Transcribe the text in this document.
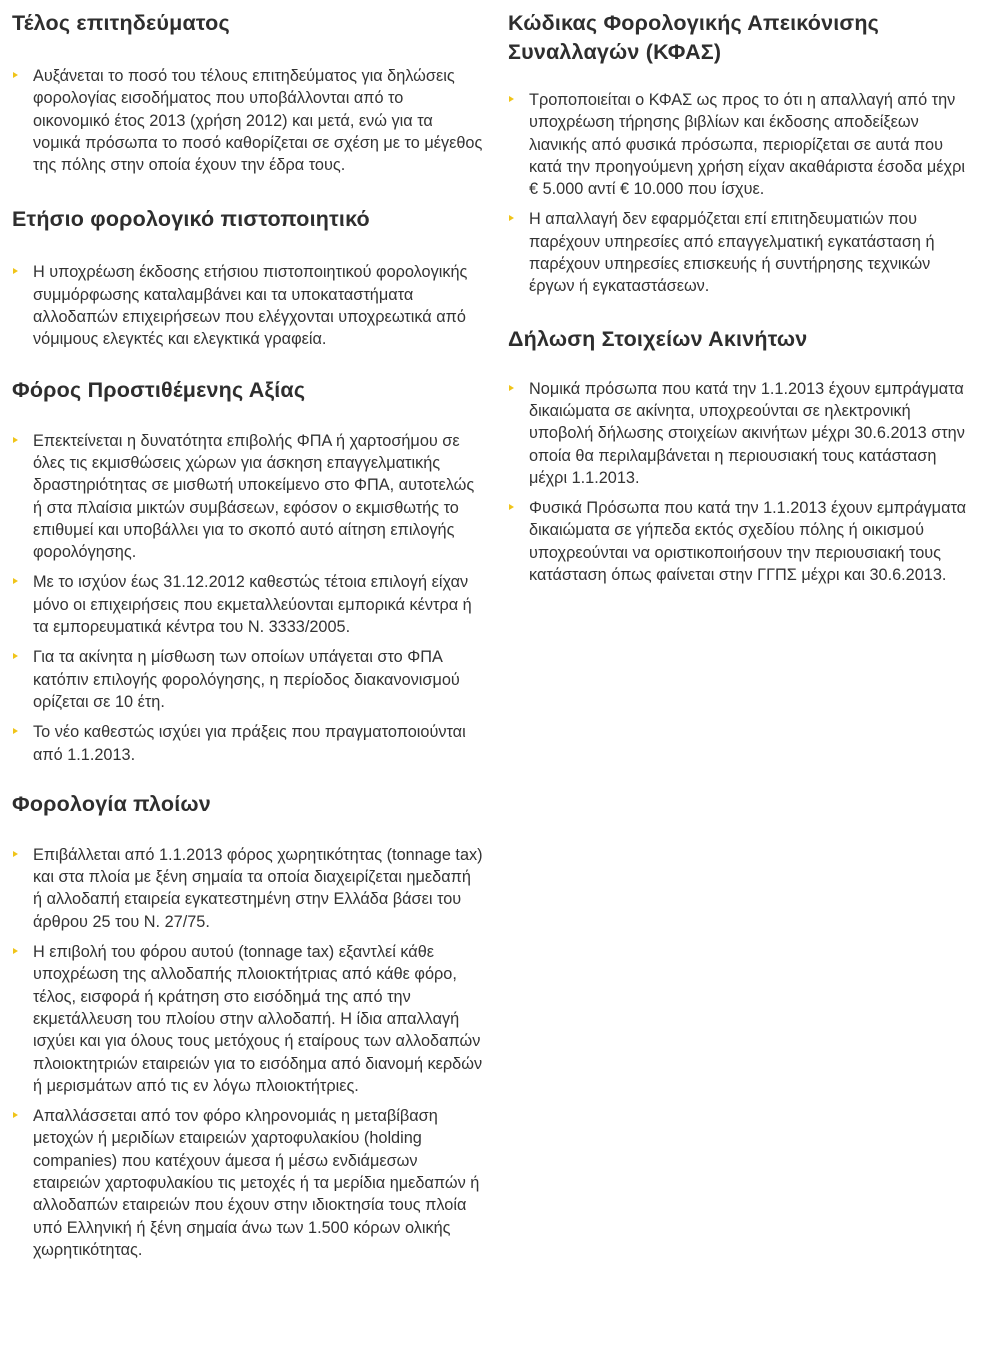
Τέλος επιτηδεύματος
Αυξάνεται το ποσό του τέλους επιτηδεύματος για δηλώσεις φορολογίας εισοδήματος που υποβάλλονται από το οικονομικό έτος 2013 (χρήση 2012) και μετά, ενώ για τα νομικά πρόσωπα το ποσό καθορίζεται σε σχέση με το μέγεθος της πόλης στην οποία έχουν την έδρα τους.
Ετήσιο φορολογικό πιστοποιητικό
Η υποχρέωση έκδοσης ετήσιου πιστοποιητικού φορολογικής συμμόρφωσης καταλαμβάνει και τα υποκαταστήματα αλλοδαπών επιχειρήσεων που ελέγχονται υποχρεωτικά από νόμιμους ελεγκτές και ελεγκτικά γραφεία.
Φόρος Προστιθέμενης Αξίας
Επεκτείνεται η δυνατότητα επιβολής ΦΠΑ ή χαρτοσήμου σε όλες τις εκμισθώσεις χώρων για άσκηση επαγγελματικής δραστηριότητας σε μισθωτή υποκείμενο στο ΦΠΑ, αυτοτελώς ή στα πλαίσια μικτών συμβάσεων, εφόσον ο εκμισθωτής το επιθυμεί και υποβάλλει για το σκοπό αυτό αίτηση επιλογής φορολόγησης.
Με το ισχύον έως 31.12.2012 καθεστώς τέτοια επιλογή είχαν μόνο οι επιχειρήσεις που εκμεταλλεύονται εμπορικά κέντρα ή τα εμπορευματικά κέντρα του Ν. 3333/2005.
Για τα ακίνητα η μίσθωση των οποίων υπάγεται στο ΦΠΑ κατόπιν επιλογής φορολόγησης, η περίοδος διακανονισμού ορίζεται σε 10 έτη.
Το νέο καθεστώς ισχύει για πράξεις που πραγματοποιούνται από 1.1.2013.
Φορολογία πλοίων
Επιβάλλεται από 1.1.2013 φόρος χωρητικότητας (tonnage tax) και στα πλοία με ξένη σημαία τα οποία διαχειρίζεται ημεδαπή ή αλλοδαπή εταιρεία εγκατεστημένη στην Ελλάδα βάσει του άρθρου 25 του Ν. 27/75.
Η επιβολή του φόρου αυτού (tonnage tax) εξαντλεί κάθε υποχρέωση της αλλοδαπής πλοιοκτήτριας από κάθε φόρο, τέλος, εισφορά ή κράτηση στο εισόδημά της από την εκμετάλλευση του πλοίου στην αλλοδαπή. Η ίδια απαλλαγή ισχύει και για όλους τους μετόχους ή εταίρους των αλλοδαπών πλοιοκτητριών εταιρειών για το εισόδημα από διανομή κερδών ή μερισμάτων από τις εν λόγω πλοιοκτήτριες.
Απαλλάσσεται από τον φόρο κληρονομιάς η μεταβίβαση μετοχών ή μεριδίων εταιρειών χαρτοφυλακίου (holding companies) που κατέχουν άμεσα ή μέσω ενδιάμεσων εταιρειών χαρτοφυλακίου τις μετοχές ή τα μερίδια ημεδαπών ή αλλοδαπών εταιρειών που έχουν στην ιδιοκτησία τους πλοία υπό Ελληνική ή ξένη σημαία άνω των 1.500 κόρων ολικής χωρητικότητας.
Κώδικας Φορολογικής Απεικόνισης Συναλλαγών (ΚΦΑΣ)
Τροποποιείται ο ΚΦΑΣ ως προς το ότι η απαλλαγή από την υποχρέωση τήρησης βιβλίων και έκδοσης αποδείξεων λιανικής από φυσικά πρόσωπα, περιορίζεται σε αυτά που κατά την προηγούμενη χρήση είχαν ακαθάριστα έσοδα μέχρι € 5.000 αντί € 10.000 που ίσχυε.
Η απαλλαγή δεν εφαρμόζεται επί επιτηδευματιών που παρέχουν υπηρεσίες από επαγγελματική εγκατάσταση ή παρέχουν υπηρεσίες επισκευής ή συντήρησης τεχνικών έργων ή εγκαταστάσεων.
Δήλωση Στοιχείων Ακινήτων
Νομικά πρόσωπα που κατά την 1.1.2013 έχουν εμπράγματα δικαιώματα σε ακίνητα, υποχρεούνται σε ηλεκτρονική υποβολή δήλωσης στοιχείων ακινήτων μέχρι 30.6.2013 στην οποία θα περιλαμβάνεται η περιουσιακή τους κατάσταση μέχρι 1.1.2013.
Φυσικά Πρόσωπα που κατά την 1.1.2013 έχουν εμπράγματα δικαιώματα σε γήπεδα εκτός σχεδίου πόλης ή οικισμού υποχρεούνται να οριστικοποιήσουν την περιουσιακή τους κατάσταση όπως φαίνεται στην ΓΓΠΣ μέχρι και 30.6.2013.
